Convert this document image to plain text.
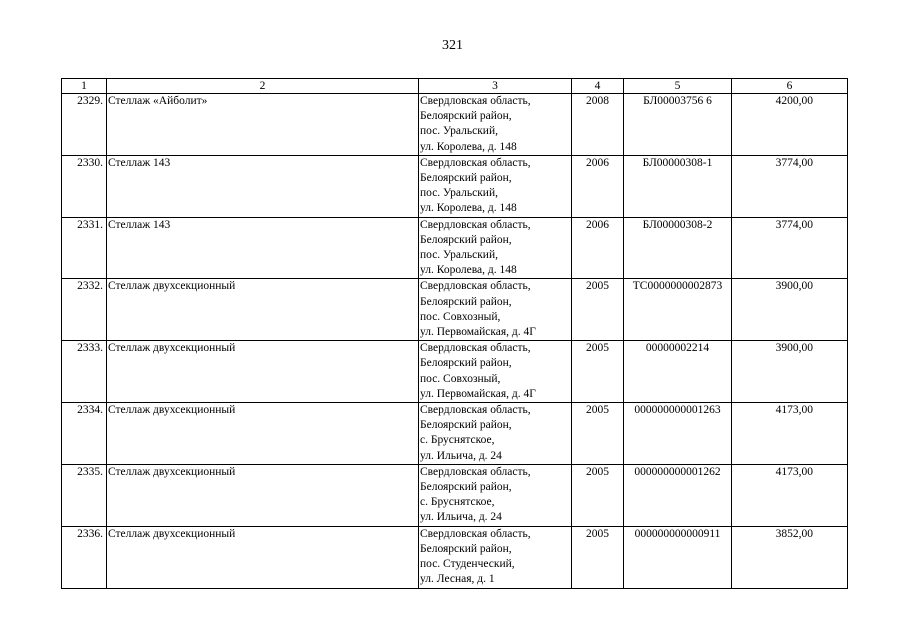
321
1	2	3	4	5	6
2329.	Стеллаж «Айболит»	Свердловская область,
Белоярский район,
пос. Уральский,
ул. Королева, д. 148	2008	БЛ00003756 6	4200,00
2330.	Стеллаж 143	Свердловская область,
Белоярский район,
пос. Уральский,
ул. Королева, д. 148	2006	БЛ00000308-1	3774,00
2331.	Стеллаж 143	Свердловская область,
Белоярский район,
пос. Уральский,
ул. Королева, д. 148	2006	БЛ00000308-2	3774,00
2332.	Стеллаж двухсекционный	Свердловская область,
Белоярский район,
пос. Совхозный,
ул. Первомайская, д. 4Г	2005	ТС0000000002873	3900,00
2333.	Стеллаж двухсекционный	Свердловская область,
Белоярский район,
пос. Совхозный,
ул. Первомайская, д. 4Г	2005	00000002214	3900,00
2334.	Стеллаж двухсекционный	Свердловская область,
Белоярский район,
с. Бруснятское,
ул. Ильича, д. 24	2005	000000000001263	4173,00
2335.	Стеллаж двухсекционный	Свердловская область,
Белоярский район,
с. Бруснятское,
ул. Ильича, д. 24	2005	000000000001262	4173,00
2336.	Стеллаж двухсекционный	Свердловская область,
Белоярский район,
пос. Студенческий,
ул. Лесная, д. 1	2005	000000000000911	3852,00
